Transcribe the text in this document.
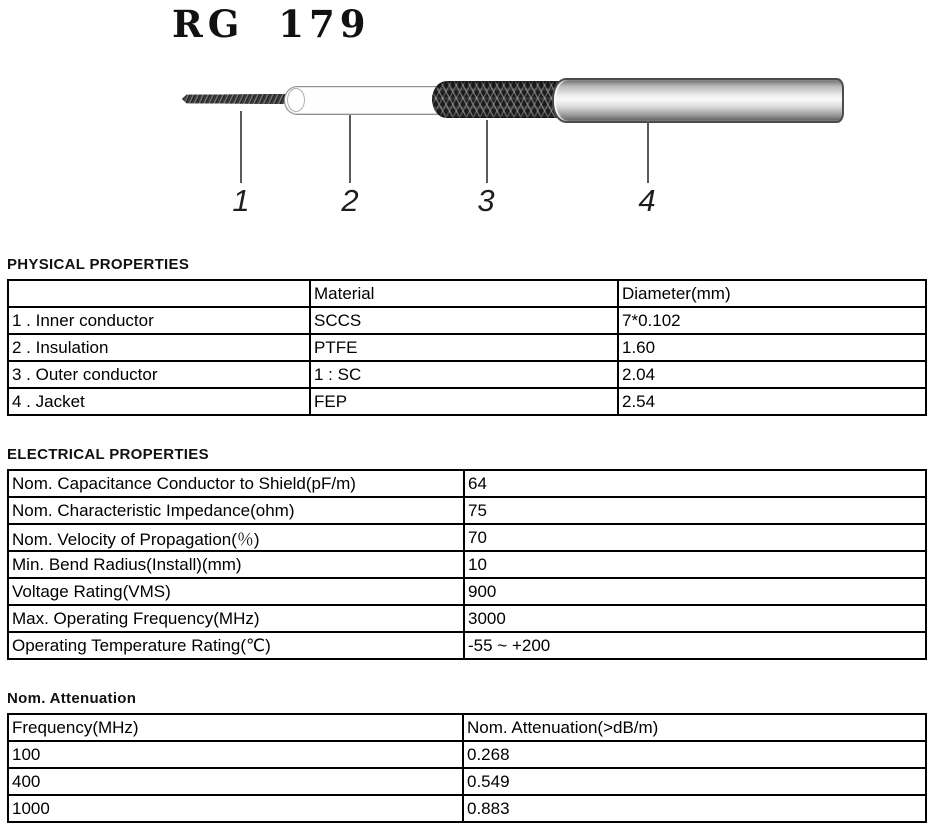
RG 179
1	2	3	4
PHYSICAL PROPERTIES
	Material	Diameter(mm)
1 . Inner conductor	SCCS	7*0.102
2 . Insulation	PTFE	1.60
3 . Outer conductor	1 : SC	2.04
4 . Jacket	FEP	2.54
ELECTRICAL PROPERTIES
Nom. Capacitance Conductor to Shield(pF/m)	64
Nom. Characteristic Impedance(ohm)	75
Nom. Velocity of Propagation(％)	70
Min. Bend Radius(Install)(mm)	10
Voltage Rating(VMS)	900
Max. Operating Frequency(MHz)	3000
Operating Temperature Rating(℃)	-55 ~ +200
Nom. Attenuation
Frequency(MHz)	Nom. Attenuation(>dB/m)
100	0.268
400	0.549
1000	0.883
